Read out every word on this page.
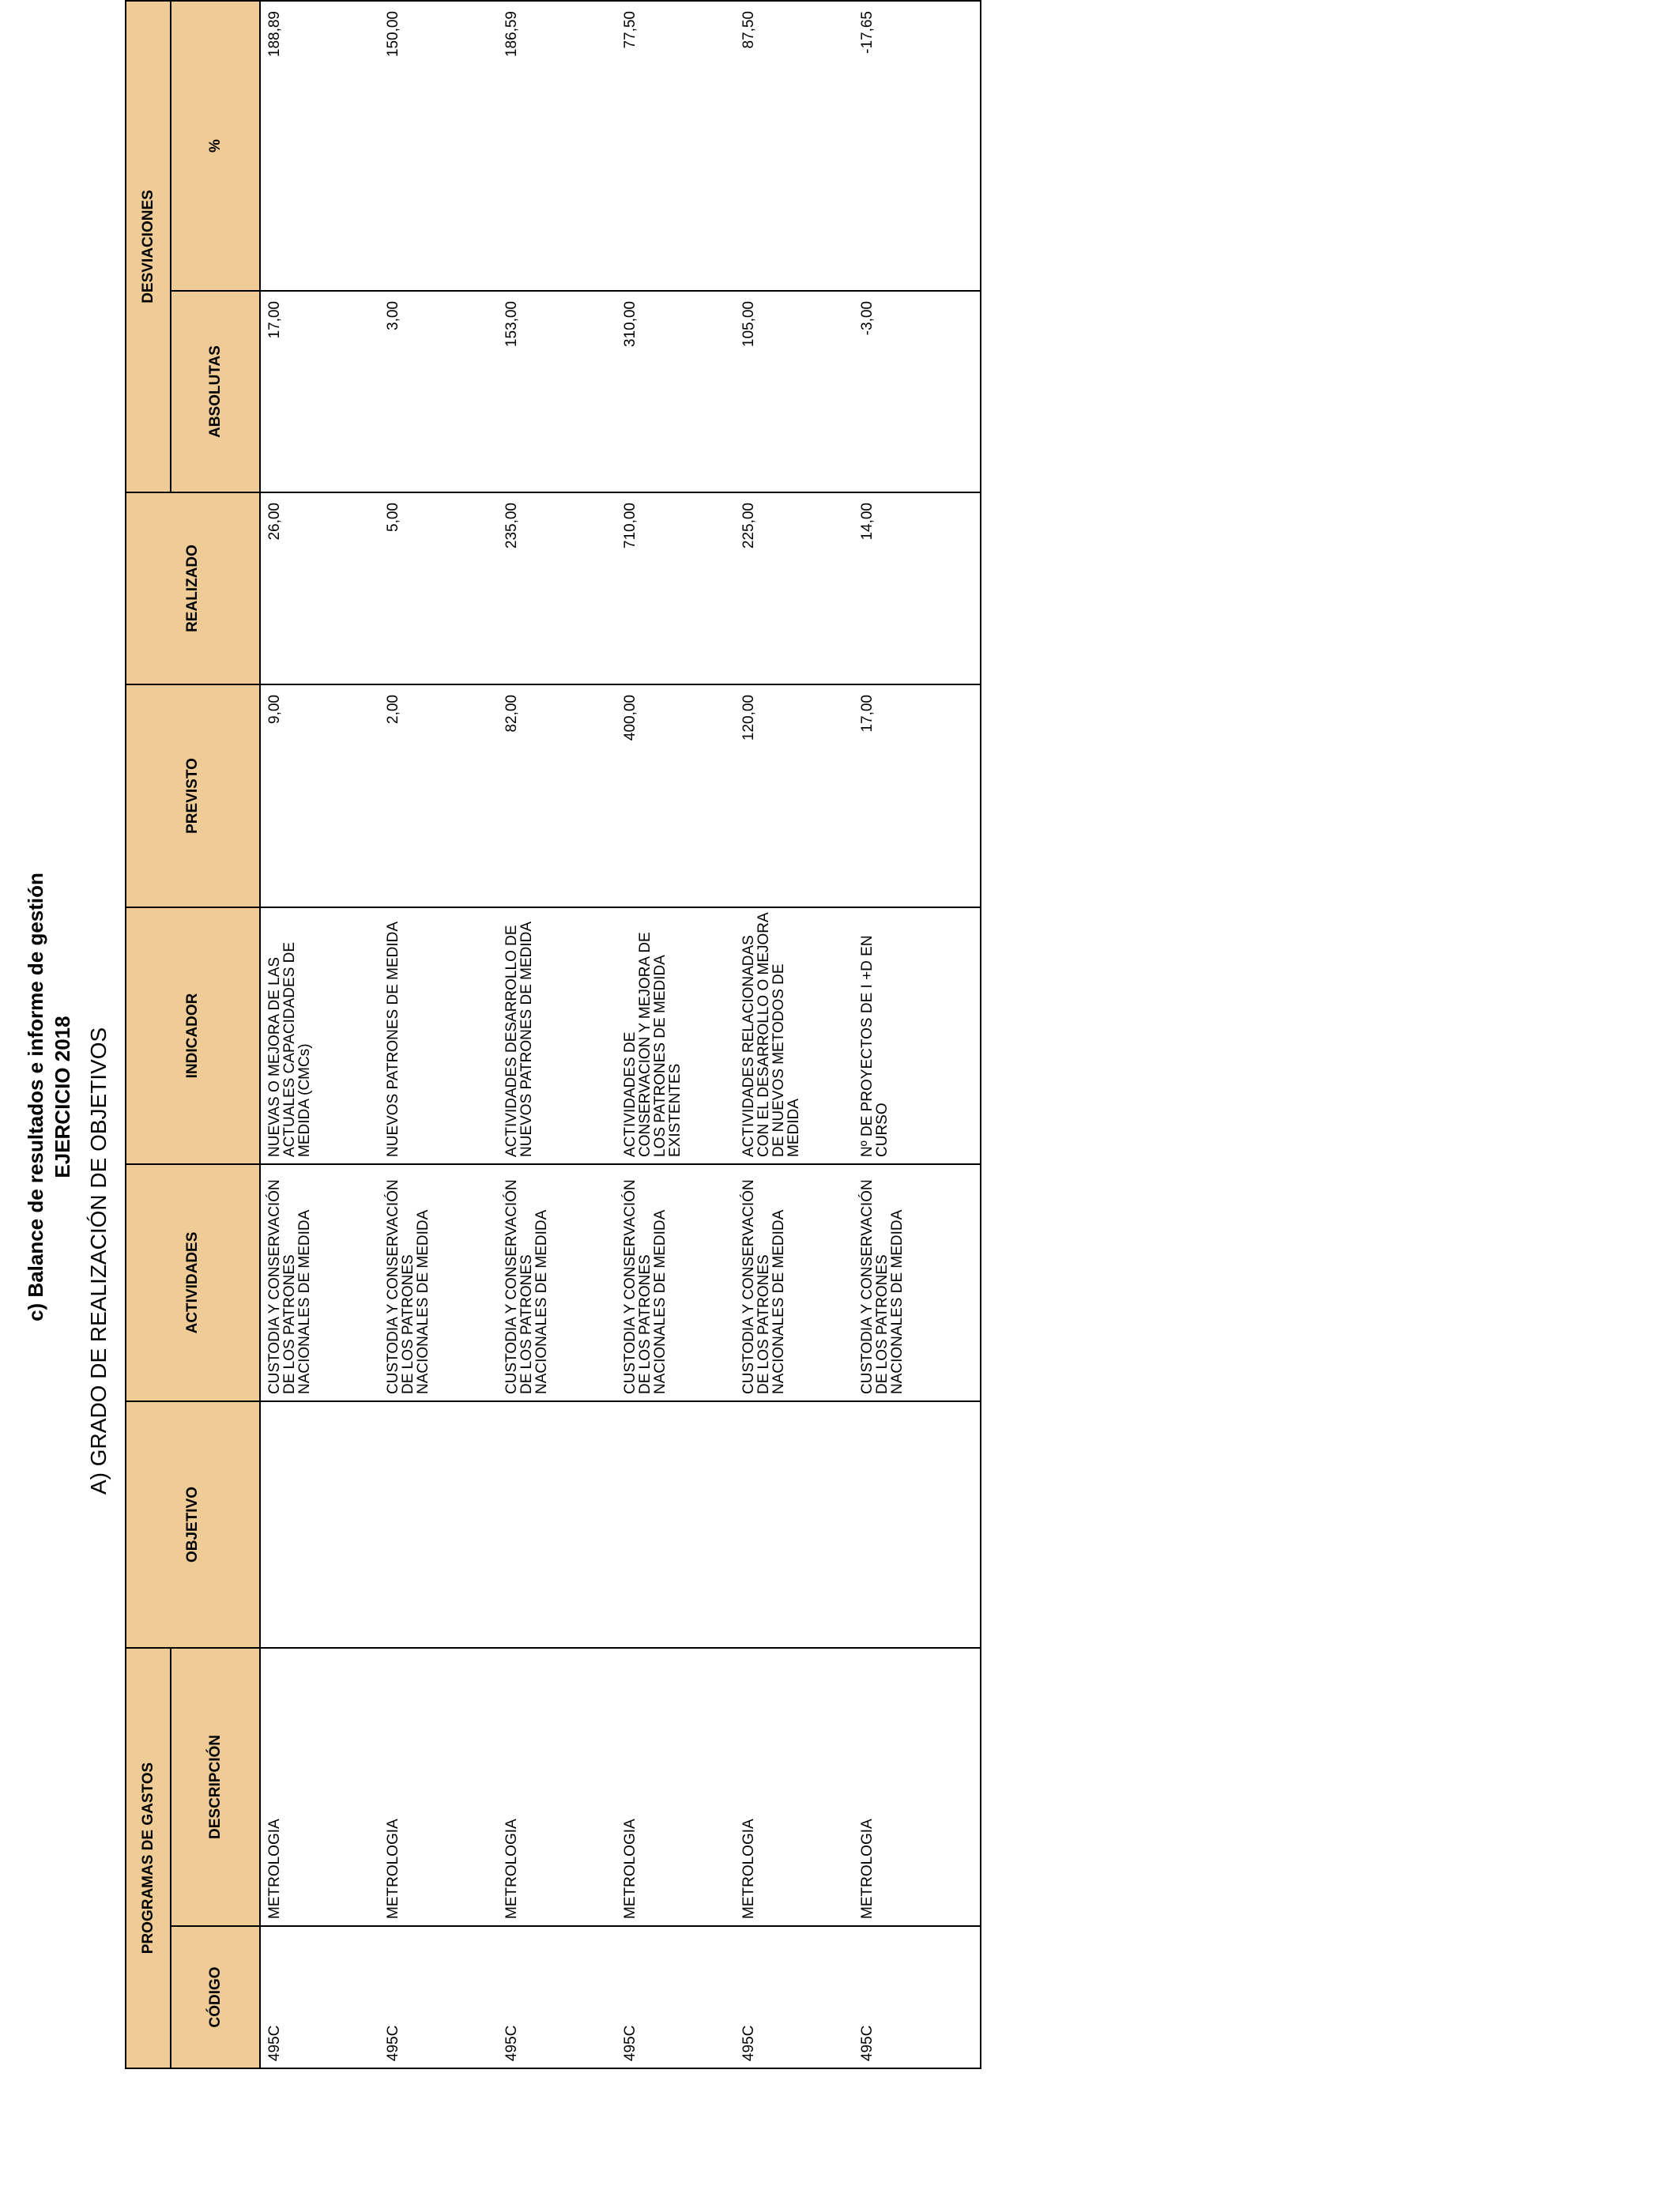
c) Balance de resultados e informe de gestión EJERCICIO 2018 A) GRADO DE REALIZACIÓN DE OBJETIVOS
PROGRAMAS DE GASTOS		OBJETIVO	ACTIVIDADES	INDICADOR	PREVISTO	REALIZADO	DESVIACIONES	
CÓDIGO	DESCRIPCIÓN						ABSOLUTAS	%

495C	METROLOGIA		CUSTODIA Y CONSERVACIÓN DE LOS PATRONES NACIONALES DE MEDIDA	NUEVAS O MEJORA DE LAS ACTUALES CAPACIDADES DE MEDIDA (CMCs)	9,00	26,00	17,00	188,89

495C	METROLOGIA		CUSTODIA Y CONSERVACIÓN DE LOS PATRONES NACIONALES DE MEDIDA	NUEVOS PATRONES DE MEDIDA	2,00	5,00	3,00	150,00

495C	METROLOGIA		CUSTODIA Y CONSERVACIÓN DE LOS PATRONES NACIONALES DE MEDIDA	ACTIVIDADES DESARROLLO DE NUEVOS PATRONES DE MEDIDA	82,00	235,00	153,00	186,59

495C	METROLOGIA		CUSTODIA Y CONSERVACIÓN DE LOS PATRONES NACIONALES DE MEDIDA	ACTIVIDADES DE CONSERVACION Y MEJORA DE LOS PATRONES DE MEDIDA EXISTENTES	400,00	710,00	310,00	77,50

495C	METROLOGIA		CUSTODIA Y CONSERVACIÓN DE LOS PATRONES NACIONALES DE MEDIDA	ACTIVIDADES RELACIONADAS CON EL DESARROLLO O MEJORA DE NUEVOS METODOS DE MEDIDA	120,00	225,00	105,00	87,50

495C	METROLOGIA		CUSTODIA Y CONSERVACIÓN DE LOS PATRONES NACIONALES DE MEDIDA	Nº DE PROYECTOS DE I +D EN CURSO	17,00	14,00	-3,00	-17,65
